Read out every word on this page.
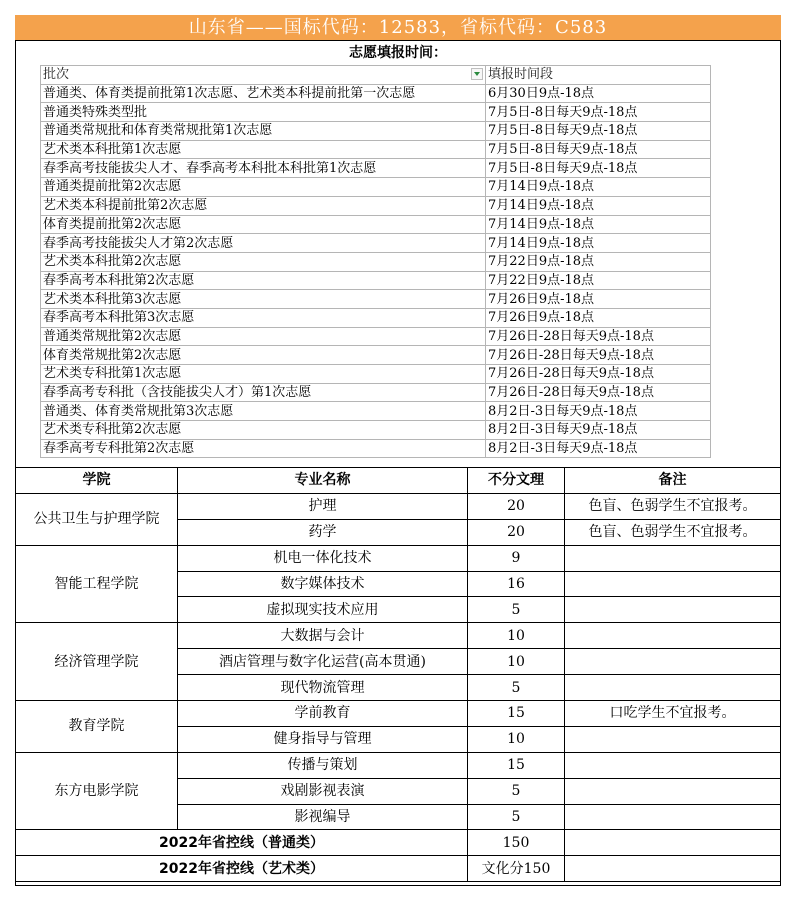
山东省——国标代码：12583，省标代码：C583
志愿填报时间：
批次	填报时间段
普通类、体育类提前批第1次志愿、艺术类本科提前批第一次志愿	6月30日9点-18点
普通类特殊类型批	7月5日-8日每天9点-18点
普通类常规批和体育类常规批第1次志愿	7月5日-8日每天9点-18点
艺术类本科批第1次志愿	7月5日-8日每天9点-18点
春季高考技能拔尖人才、春季高考本科批本科批第1次志愿	7月5日-8日每天9点-18点
普通类提前批第2次志愿	7月14日9点-18点
艺术类本科提前批第2次志愿	7月14日9点-18点
体育类提前批第2次志愿	7月14日9点-18点
春季高考技能拔尖人才第2次志愿	7月14日9点-18点
艺术类本科批第2次志愿	7月22日9点-18点
春季高考本科批第2次志愿	7月22日9点-18点
艺术类本科批第3次志愿	7月26日9点-18点
春季高考本科批第3次志愿	7月26日9点-18点
普通类常规批第2次志愿	7月26日-28日每天9点-18点
体育类常规批第2次志愿	7月26日-28日每天9点-18点
艺术类专科批第1次志愿	7月26日-28日每天9点-18点
春季高考专科批（含技能拔尖人才）第1次志愿	7月26日-28日每天9点-18点
普通类、体育类常规批第3次志愿	8月2日-3日每天9点-18点
艺术类专科批第2次志愿	8月2日-3日每天9点-18点
春季高考专科批第2次志愿	8月2日-3日每天9点-18点
学院	专业名称	不分文理	备注
公共卫生与护理学院	护理	20	色盲、色弱学生不宜报考。
	药学	20	色盲、色弱学生不宜报考。
智能工程学院	机电一体化技术	9	
	数字媒体技术	16	
	虚拟现实技术应用	5	
经济管理学院	大数据与会计	10	
	酒店管理与数字化运营(高本贯通)	10	
	现代物流管理	5	
教育学院	学前教育	15	口吃学生不宜报考。
	健身指导与管理	10	
东方电影学院	传播与策划	15	
	戏剧影视表演	5	
	影视编导	5	
2022年省控线（普通类）		150	
2022年省控线（艺术类）		文化分150	
